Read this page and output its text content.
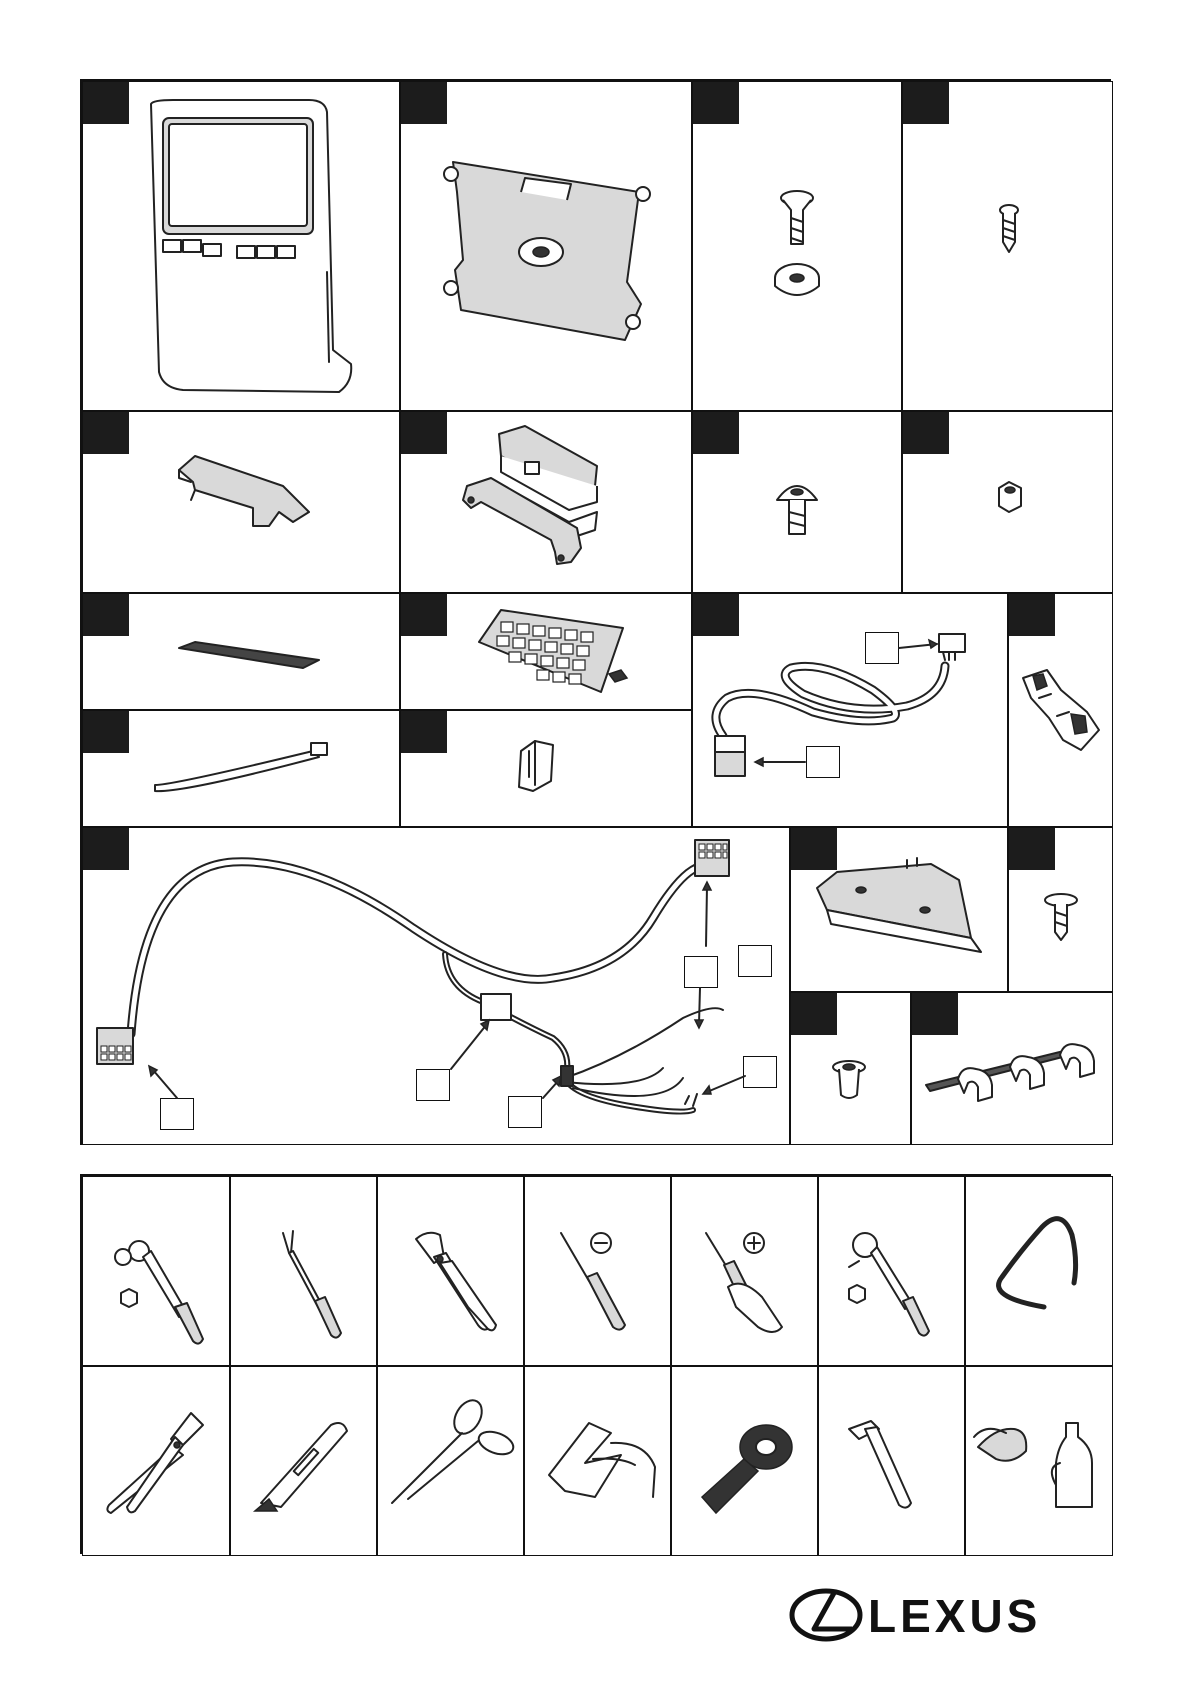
LEXUS
